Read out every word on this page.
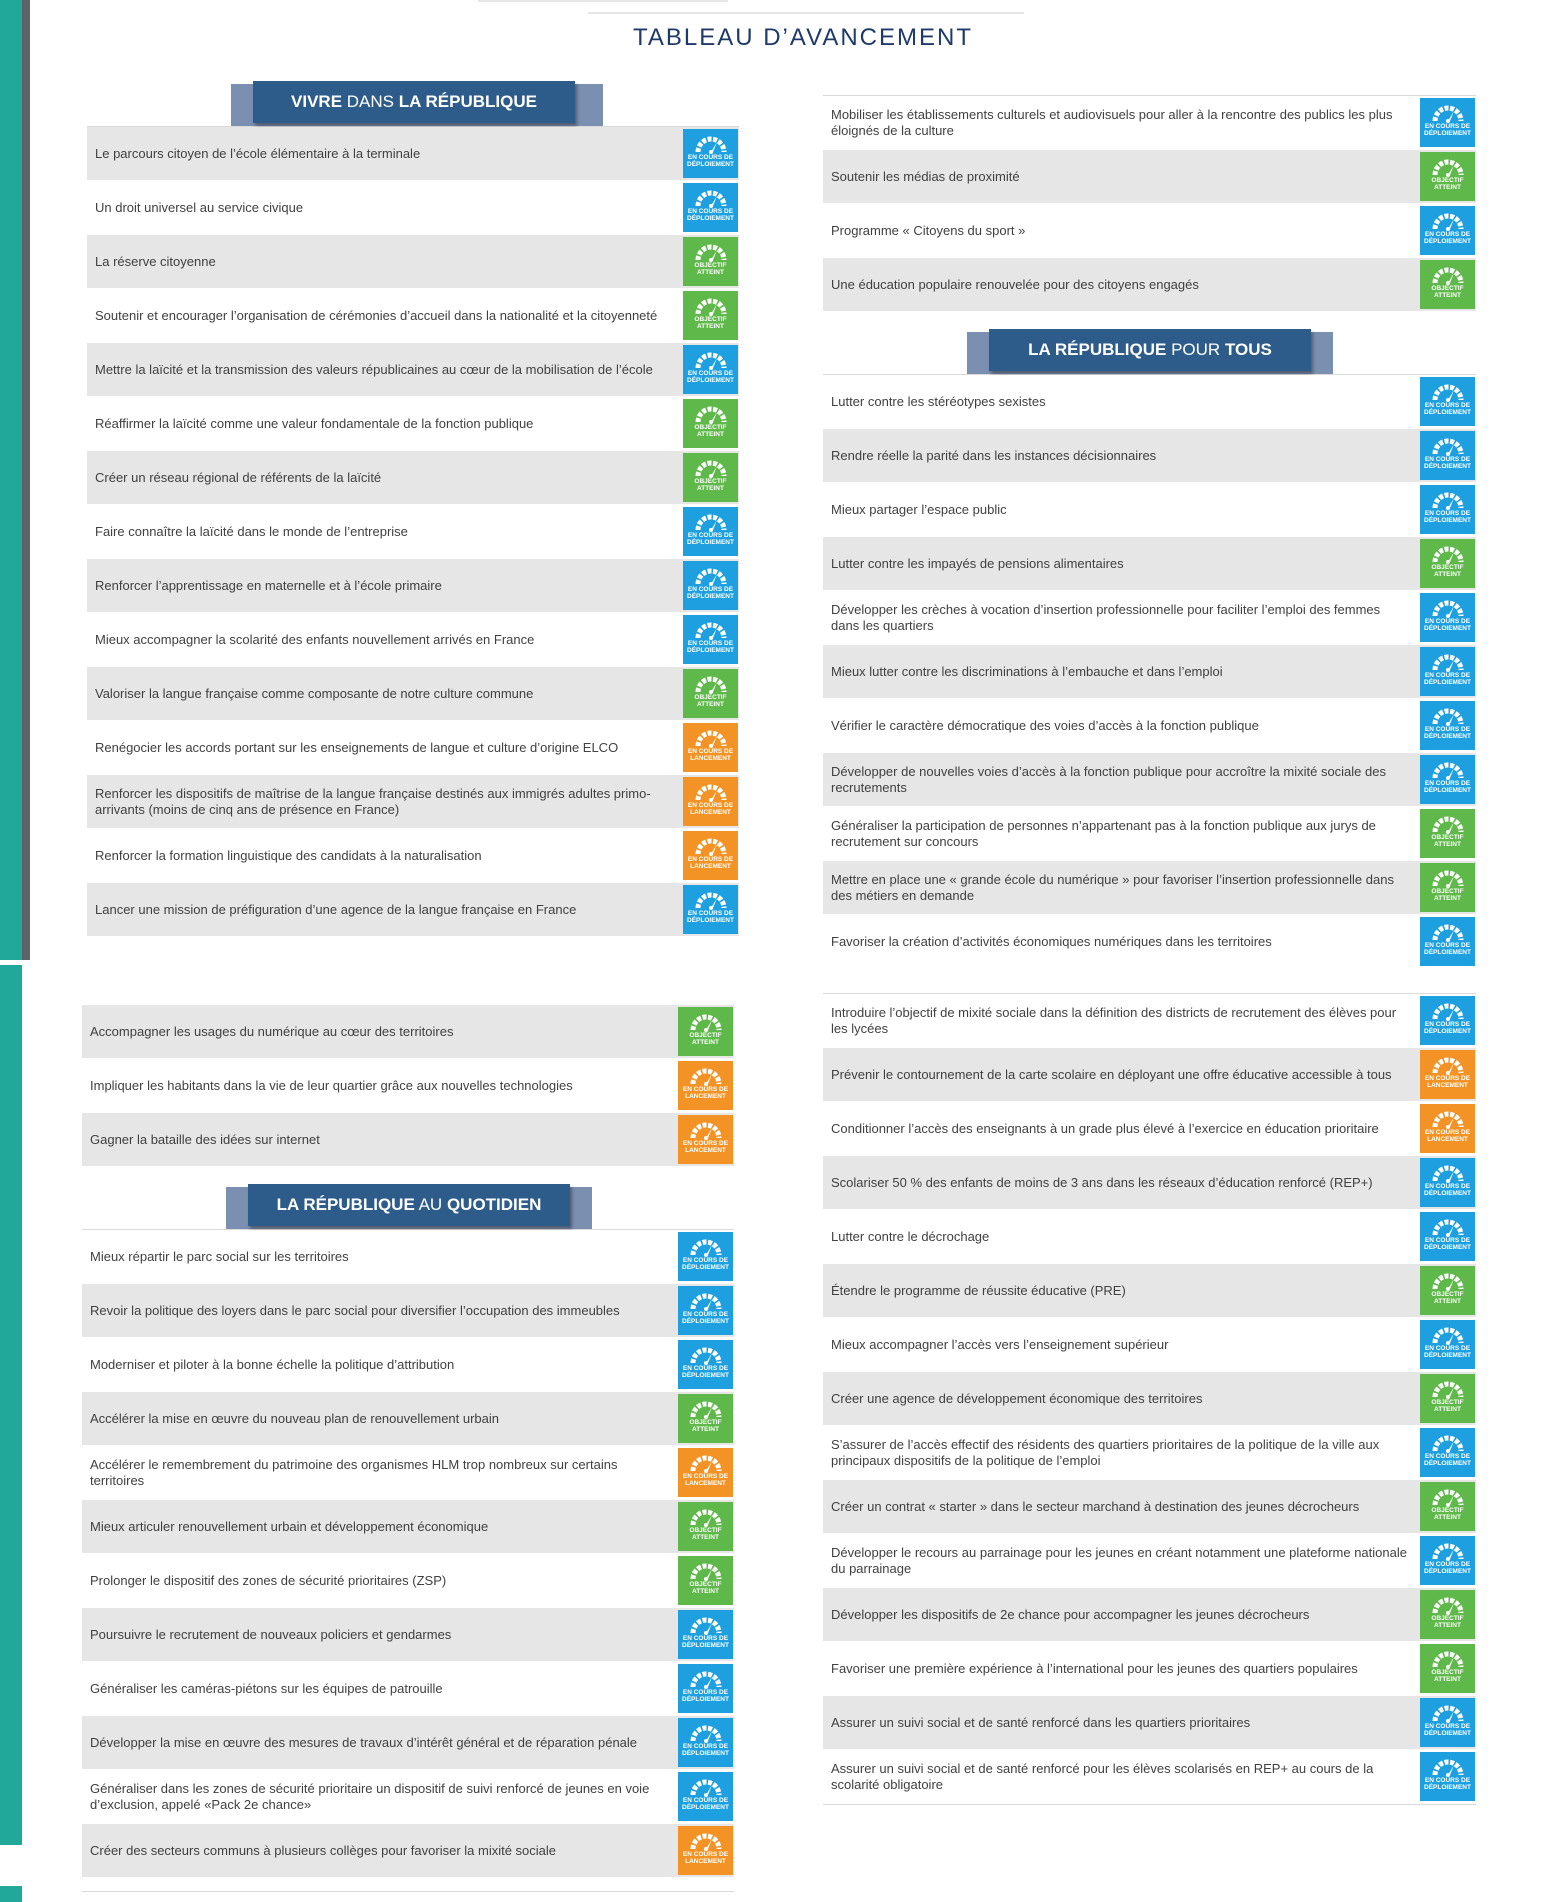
TABLEAU D’AVANCEMENT
VIVRE DANS LA RÉPUBLIQUE
Le parcours citoyen de l’école élémentaire à la terminale	EN COURS DE
DÉPLOIEMENT
Un droit universel au service civique	EN COURS DE
DÉPLOIEMENT
La réserve citoyenne	OBJECTIF
ATTEINT
Soutenir et encourager l’organisation de cérémonies d’accueil dans la nationalité et la citoyenneté	OBJECTIF
ATTEINT
Mettre la laïcité et la transmission des valeurs républicaines au cœur de la mobilisation de l’école	EN COURS DE
DÉPLOIEMENT
Réaffirmer la laïcité comme une valeur fondamentale de la fonction publique	OBJECTIF
ATTEINT
Créer un réseau régional de référents de la laïcité	OBJECTIF
ATTEINT
Faire connaître la laïcité dans le monde de l’entreprise	EN COURS DE
DÉPLOIEMENT
Renforcer l’apprentissage en maternelle et à l’école primaire	EN COURS DE
DÉPLOIEMENT
Mieux accompagner la scolarité des enfants nouvellement arrivés en France	EN COURS DE
DÉPLOIEMENT
Valoriser la langue française comme composante de notre culture commune	OBJECTIF
ATTEINT
Renégocier les accords portant sur les enseignements de langue et culture d’origine ELCO	EN COURS DE
LANCEMENT
Renforcer les dispositifs de maîtrise de la langue française destinés aux immigrés adultes primo-arrivants (moins de cinq ans de présence en France)	EN COURS DE
LANCEMENT
Renforcer la formation linguistique des candidats à la naturalisation	EN COURS DE
LANCEMENT
Lancer une mission de préfiguration d’une agence de la langue française en France	EN COURS DE
DÉPLOIEMENT
Mobiliser les établissements culturels et audiovisuels pour aller à la rencontre des publics les plus éloignés de la culture	EN COURS DE
DÉPLOIEMENT
Soutenir les médias de proximité	OBJECTIF
ATTEINT
Programme « Citoyens du sport »	EN COURS DE
DÉPLOIEMENT
Une éducation populaire renouvelée pour des citoyens engagés	OBJECTIF
ATTEINT
LA RÉPUBLIQUE POUR TOUS
Lutter contre les stéréotypes sexistes	EN COURS DE
DÉPLOIEMENT
Rendre réelle la parité dans les instances décisionnaires	EN COURS DE
DÉPLOIEMENT
Mieux partager l’espace public	EN COURS DE
DÉPLOIEMENT
Lutter contre les impayés de pensions alimentaires	OBJECTIF
ATTEINT
Développer les crèches à vocation d’insertion professionnelle pour faciliter l’emploi des femmes dans les quartiers	EN COURS DE
DÉPLOIEMENT
Mieux lutter contre les discriminations à l’embauche et dans l’emploi	EN COURS DE
DÉPLOIEMENT
Vérifier le caractère démocratique des voies d’accès à la fonction publique	EN COURS DE
DÉPLOIEMENT
Développer de nouvelles voies d’accès à la fonction publique pour accroître la mixité sociale des recrutements	EN COURS DE
DÉPLOIEMENT
Généraliser la participation de personnes n’appartenant pas à la fonction publique aux jurys de recrutement sur concours	OBJECTIF
ATTEINT
Mettre en place une « grande école du numérique » pour favoriser l’insertion professionnelle dans des métiers en demande	OBJECTIF
ATTEINT
Favoriser la création d’activités économiques numériques dans les territoires	EN COURS DE
DÉPLOIEMENT
Accompagner les usages du numérique au cœur des territoires	OBJECTIF
ATTEINT
Impliquer les habitants dans la vie de leur quartier grâce aux nouvelles technologies	EN COURS DE
LANCEMENT
Gagner la bataille des idées sur internet	EN COURS DE
LANCEMENT
LA RÉPUBLIQUE AU QUOTIDIEN
Mieux répartir le parc social sur les territoires	EN COURS DE
DÉPLOIEMENT
Revoir la politique des loyers dans le parc social pour diversifier l’occupation des immeubles	EN COURS DE
DÉPLOIEMENT
Moderniser et piloter à la bonne échelle la politique d’attribution	EN COURS DE
DÉPLOIEMENT
Accélérer la mise en œuvre du nouveau plan de renouvellement urbain	OBJECTIF
ATTEINT
Accélérer le remembrement du patrimoine des organismes HLM trop nombreux sur certains territoires	EN COURS DE
LANCEMENT
Mieux articuler renouvellement urbain et développement économique	OBJECTIF
ATTEINT
Prolonger le dispositif des zones de sécurité prioritaires (ZSP)	OBJECTIF
ATTEINT
Poursuivre le recrutement de nouveaux policiers et gendarmes	EN COURS DE
DÉPLOIEMENT
Généraliser les caméras-piétons sur les équipes de patrouille	EN COURS DE
DÉPLOIEMENT
Développer la mise en œuvre des mesures de travaux d’intérêt général et de réparation pénale	EN COURS DE
DÉPLOIEMENT
Généraliser dans les zones de sécurité prioritaire un dispositif de suivi renforcé de jeunes en voie d’exclusion, appelé «Pack 2e chance»	EN COURS DE
DÉPLOIEMENT
Créer des secteurs communs à plusieurs collèges pour favoriser la mixité sociale	EN COURS DE
LANCEMENT
Introduire l’objectif de mixité sociale dans la définition des districts de recrutement des élèves pour les lycées	EN COURS DE
DÉPLOIEMENT
Prévenir le contournement de la carte scolaire en déployant une offre éducative accessible à tous	EN COURS DE
LANCEMENT
Conditionner l’accès des enseignants à un grade plus élevé à l’exercice en éducation prioritaire	EN COURS DE
LANCEMENT
Scolariser 50 % des enfants de moins de 3 ans dans les réseaux d’éducation renforcé (REP+)	EN COURS DE
DÉPLOIEMENT
Lutter contre le décrochage	EN COURS DE
DÉPLOIEMENT
Étendre le programme de réussite éducative (PRE)	OBJECTIF
ATTEINT
Mieux accompagner l’accès vers l’enseignement supérieur	EN COURS DE
DÉPLOIEMENT
Créer une agence de développement économique des territoires	OBJECTIF
ATTEINT
S’assurer de l’accès effectif des résidents des quartiers prioritaires de la politique de la ville aux principaux dispositifs de la politique de l’emploi	EN COURS DE
DÉPLOIEMENT
Créer un contrat « starter » dans le secteur marchand à destination des jeunes décrocheurs	OBJECTIF
ATTEINT
Développer le recours au parrainage pour les jeunes en créant notamment une plateforme nationale du parrainage	EN COURS DE
DÉPLOIEMENT
Développer les dispositifs de 2e chance pour accompagner les jeunes décrocheurs	OBJECTIF
ATTEINT
Favoriser une première expérience à l’international pour les jeunes des quartiers populaires	OBJECTIF
ATTEINT
Assurer un suivi social et de santé renforcé dans les quartiers prioritaires	EN COURS DE
DÉPLOIEMENT
Assurer un suivi social et de santé renforcé pour les élèves scolarisés en REP+ au cours de la scolarité obligatoire	EN COURS DE
DÉPLOIEMENT
